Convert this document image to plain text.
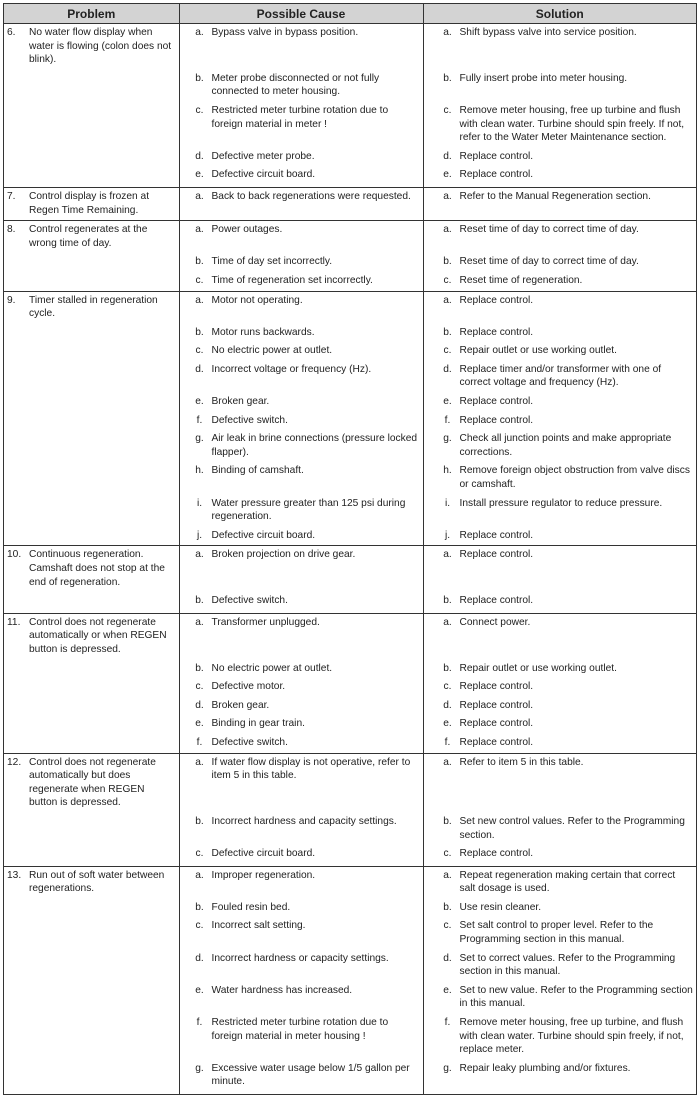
Problem	Possible Cause	Solution

6. No water flow display when water is flowing (colon does not blink).	a. Bypass valve in bypass position.	a. Shift bypass valve into service position.

	b. Meter probe disconnected or not fully connected to meter housing.	b. Fully insert probe into meter housing.

	c. Restricted meter turbine rotation due to foreign material in meter !	c. Remove meter housing, free up turbine and flush with clean water. Turbine should spin freely. If not, refer to the Water Meter Maintenance section.

	d. Defective meter probe.	d. Replace control.

	e. Defective circuit board.	e. Replace control.

7. Control display is frozen at Regen Time Remaining.	a. Back to back regenerations were requested.	a. Refer to the Manual Regeneration section.

8. Control regenerates at the wrong time of day.	a. Power outages.	a. Reset time of day to correct time of day.

	b. Time of day set incorrectly.	b. Reset time of day to correct time of day.

	c. Time of regeneration set incorrectly.	c. Reset time of regeneration.

9. Timer stalled in regeneration cycle.	a. Motor not operating.	a. Replace control.

	b. Motor runs backwards.	b. Replace control.

	c. No electric power at outlet.	c. Repair outlet or use working outlet.

	d. Incorrect voltage or frequency (Hz).	d. Replace timer and/or transformer with one of correct voltage and frequency (Hz).

	e. Broken gear.	e. Replace control.

	f. Defective switch.	f. Replace control.

	g. Air leak in brine connections (pressure locked flapper).	g. Check all junction points and make appropriate corrections.

	h. Binding of camshaft.	h. Remove foreign object obstruction from valve discs or camshaft.

	i. Water pressure greater than 125 psi during regeneration.	i. Install pressure regulator to reduce pressure.

	j. Defective circuit board.	j. Replace control.

10. Continuous regeneration. Camshaft does not stop at the end of regeneration.	a. Broken projection on drive gear.	a. Replace control.

	b. Defective switch.	b. Replace control.

11. Control does not regenerate automatically or when REGEN button is depressed.	a. Transformer unplugged.	a. Connect power.

	b. No electric power at outlet.	b. Repair outlet or use working outlet.

	c. Defective motor.	c. Replace control.

	d. Broken gear.	d. Replace control.

	e. Binding in gear train.	e. Replace control.

	f. Defective switch.	f. Replace control.

12. Control does not regenerate automatically but does regenerate when REGEN button is depressed.	a. If water flow display is not operative, refer to item 5 in this table.	a. Refer to item 5 in this table.

	b. Incorrect hardness and capacity settings.	b. Set new control values. Refer to the Programming section.

	c. Defective circuit board.	c. Replace control.

13. Run out of soft water between regenerations.	a. Improper regeneration.	a. Repeat regeneration making certain that correct salt dosage is used.

	b. Fouled resin bed.	b. Use resin cleaner.

	c. Incorrect salt setting.	c. Set salt control to proper level. Refer to the Programming section in this manual.

	d. Incorrect hardness or capacity settings.	d. Set to correct values. Refer to the Programming section in this manual.

	e. Water hardness has increased.	e. Set to new value. Refer to the Programming section in this manual.

	f. Restricted meter turbine rotation due to foreign material in meter housing !	f. Remove meter housing, free up turbine, and flush with clean water. Turbine should spin freely, if not, replace meter.

	g. Excessive water usage below 1/5 gallon per minute.	g. Repair leaky plumbing and/or fixtures.
